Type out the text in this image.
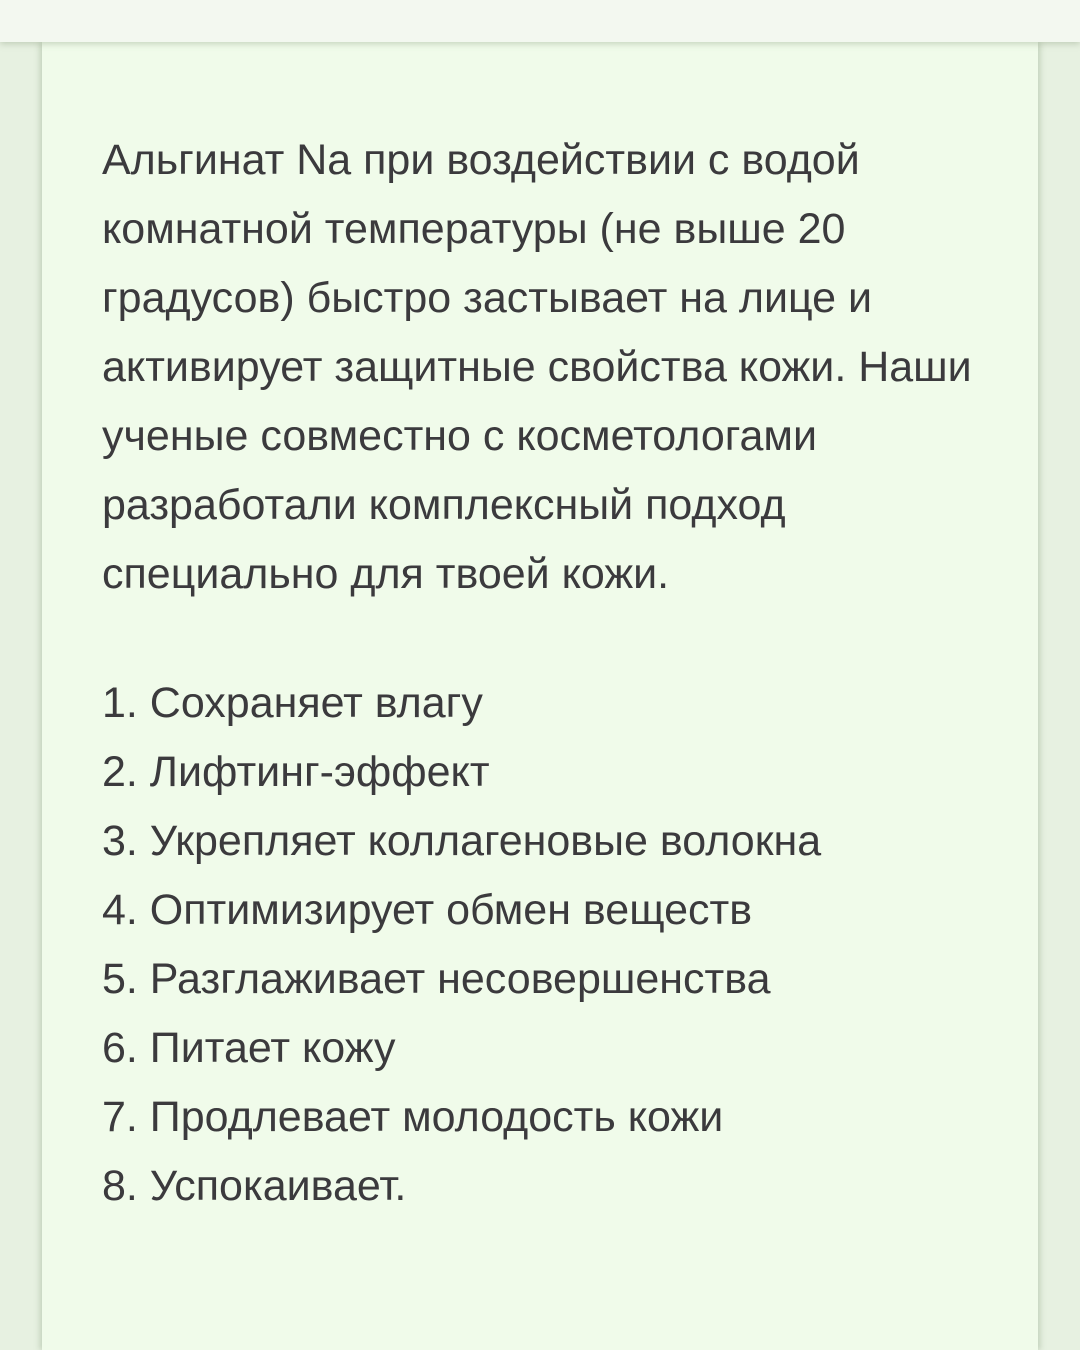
Альгинат Na при воздействии с водой комнатной температуры (не выше 20 градусов) быстро застывает на лице и активирует защитные свойства кожи. Наши ученые совместно с косметологами разработали комплексный подход специально для твоей кожи.

1. Сохраняет влагу
2. Лифтинг-эффект
3. Укрепляет коллагеновые волокна
4. Оптимизирует обмен веществ
5. Разглаживает несовершенства
6. Питает кожу
7. Продлевает молодость кожи
8. Успокаивает.
